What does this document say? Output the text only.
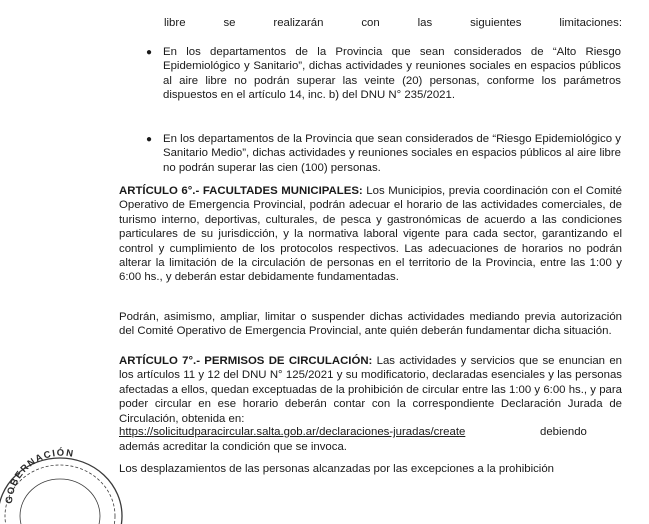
libre se realizarán con las siguientes limitaciones:

● En los departamentos de la Provincia que sean considerados de “Alto Riesgo Epidemiológico y Sanitario”, dichas actividades y reuniones sociales en espacios públicos al aire libre no podrán superar las veinte (20) personas, conforme los parámetros dispuestos en el artículo 14, inc. b) del DNU N° 235/2021.

● En los departamentos de la Provincia que sean considerados de “Riesgo Epidemiológico y Sanitario Medio”, dichas actividades y reuniones sociales en espacios públicos al aire libre no podrán superar las cien (100) personas.

ARTÍCULO 6°.- FACULTADES MUNICIPALES: Los Municipios, previa coordinación con el Comité Operativo de Emergencia Provincial, podrán adecuar el horario de las actividades comerciales, de turismo interno, deportivas, culturales, de pesca y gastronómicas de acuerdo a las condiciones particulares de su jurisdicción, y la normativa laboral vigente para cada sector, garantizando el control y cumplimiento de los protocolos respectivos. Las adecuaciones de horarios no podrán alterar la limitación de la circulación de personas en el territorio de la Provincia, entre las 1:00 y 6:00 hs., y deberán estar debidamente fundamentadas.

Podrán, asimismo, ampliar, limitar o suspender dichas actividades mediando previa autorización del Comité Operativo de Emergencia Provincial, ante quién deberán fundamentar dicha situación.

ARTÍCULO 7°.- PERMISOS DE CIRCULACIÓN: Las actividades y servicios que se enuncian en los artículos 11 y 12 del DNU N° 125/2021 y su modificatorio, declaradas esenciales y las personas afectadas a ellos, quedan exceptuadas de la prohibición de circular entre las 1:00 y 6:00 hs., y para poder circular en ese horario deberán contar con la correspondiente Declaración Jurada de Circulación, obtenida en:

https://solicitudparacircular.salta.gob.ar/declaraciones-juradas/create	debiendo

además acreditar la condición que se invoca.

Los desplazamientos de las personas alcanzadas por las excepciones a la prohibición

GOBERNACIÓN
